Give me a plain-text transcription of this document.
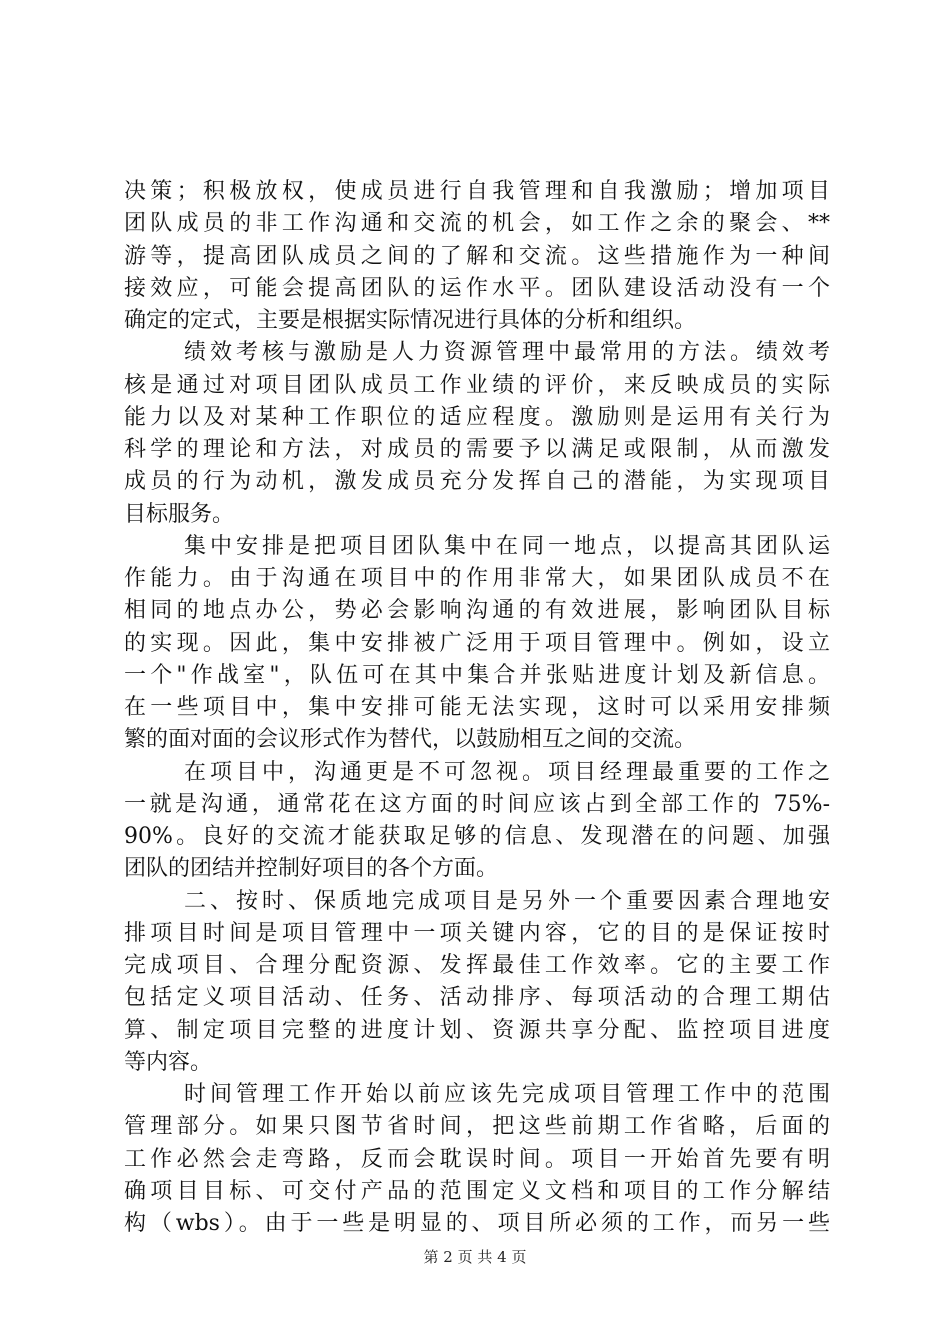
决策；积极放权，使成员进行自我管理和自我激励；增加项目
团队成员的非工作沟通和交流的机会，如工作之余的聚会、**
游等，提高团队成员之间的了解和交流。这些措施作为一种间
接效应，可能会提高团队的运作水平。团队建设活动没有一个
确定的定式，主要是根据实际情况进行具体的分析和组织。
绩效考核与激励是人力资源管理中最常用的方法。绩效考
核是通过对项目团队成员工作业绩的评价，来反映成员的实际
能力以及对某种工作职位的适应程度。激励则是运用有关行为
科学的理论和方法，对成员的需要予以满足或限制，从而激发
成员的行为动机，激发成员充分发挥自己的潜能，为实现项目
目标服务。
集中安排是把项目团队集中在同一地点，以提高其团队运
作能力。由于沟通在项目中的作用非常大，如果团队成员不在
相同的地点办公，势必会影响沟通的有效进展，影响团队目标
的实现。因此，集中安排被广泛用于项目管理中。例如，设立
一个"作战室"，队伍可在其中集合并张贴进度计划及新信息。
在一些项目中，集中安排可能无法实现，这时可以采用安排频
繁的面对面的会议形式作为替代，以鼓励相互之间的交流。
在项目中，沟通更是不可忽视。项目经理最重要的工作之
一就是沟通，通常花在这方面的时间应该占到全部工作的 75%-
90%。良好的交流才能获取足够的信息、发现潜在的问题、加强
团队的团结并控制好项目的各个方面。
二、按时、保质地完成项目是另外一个重要因素合理地安
排项目时间是项目管理中一项关键内容，它的目的是保证按时
完成项目、合理分配资源、发挥最佳工作效率。它的主要工作
包括定义项目活动、任务、活动排序、每项活动的合理工期估
算、制定项目完整的进度计划、资源共享分配、监控项目进度
等内容。
时间管理工作开始以前应该先完成项目管理工作中的范围
管理部分。如果只图节省时间，把这些前期工作省略，后面的
工作必然会走弯路，反而会耽误时间。项目一开始首先要有明
确项目目标、可交付产品的范围定义文档和项目的工作分解结
构（wbs）。由于一些是明显的、项目所必须的工作，而另一些
第 2 页 共 4 页
